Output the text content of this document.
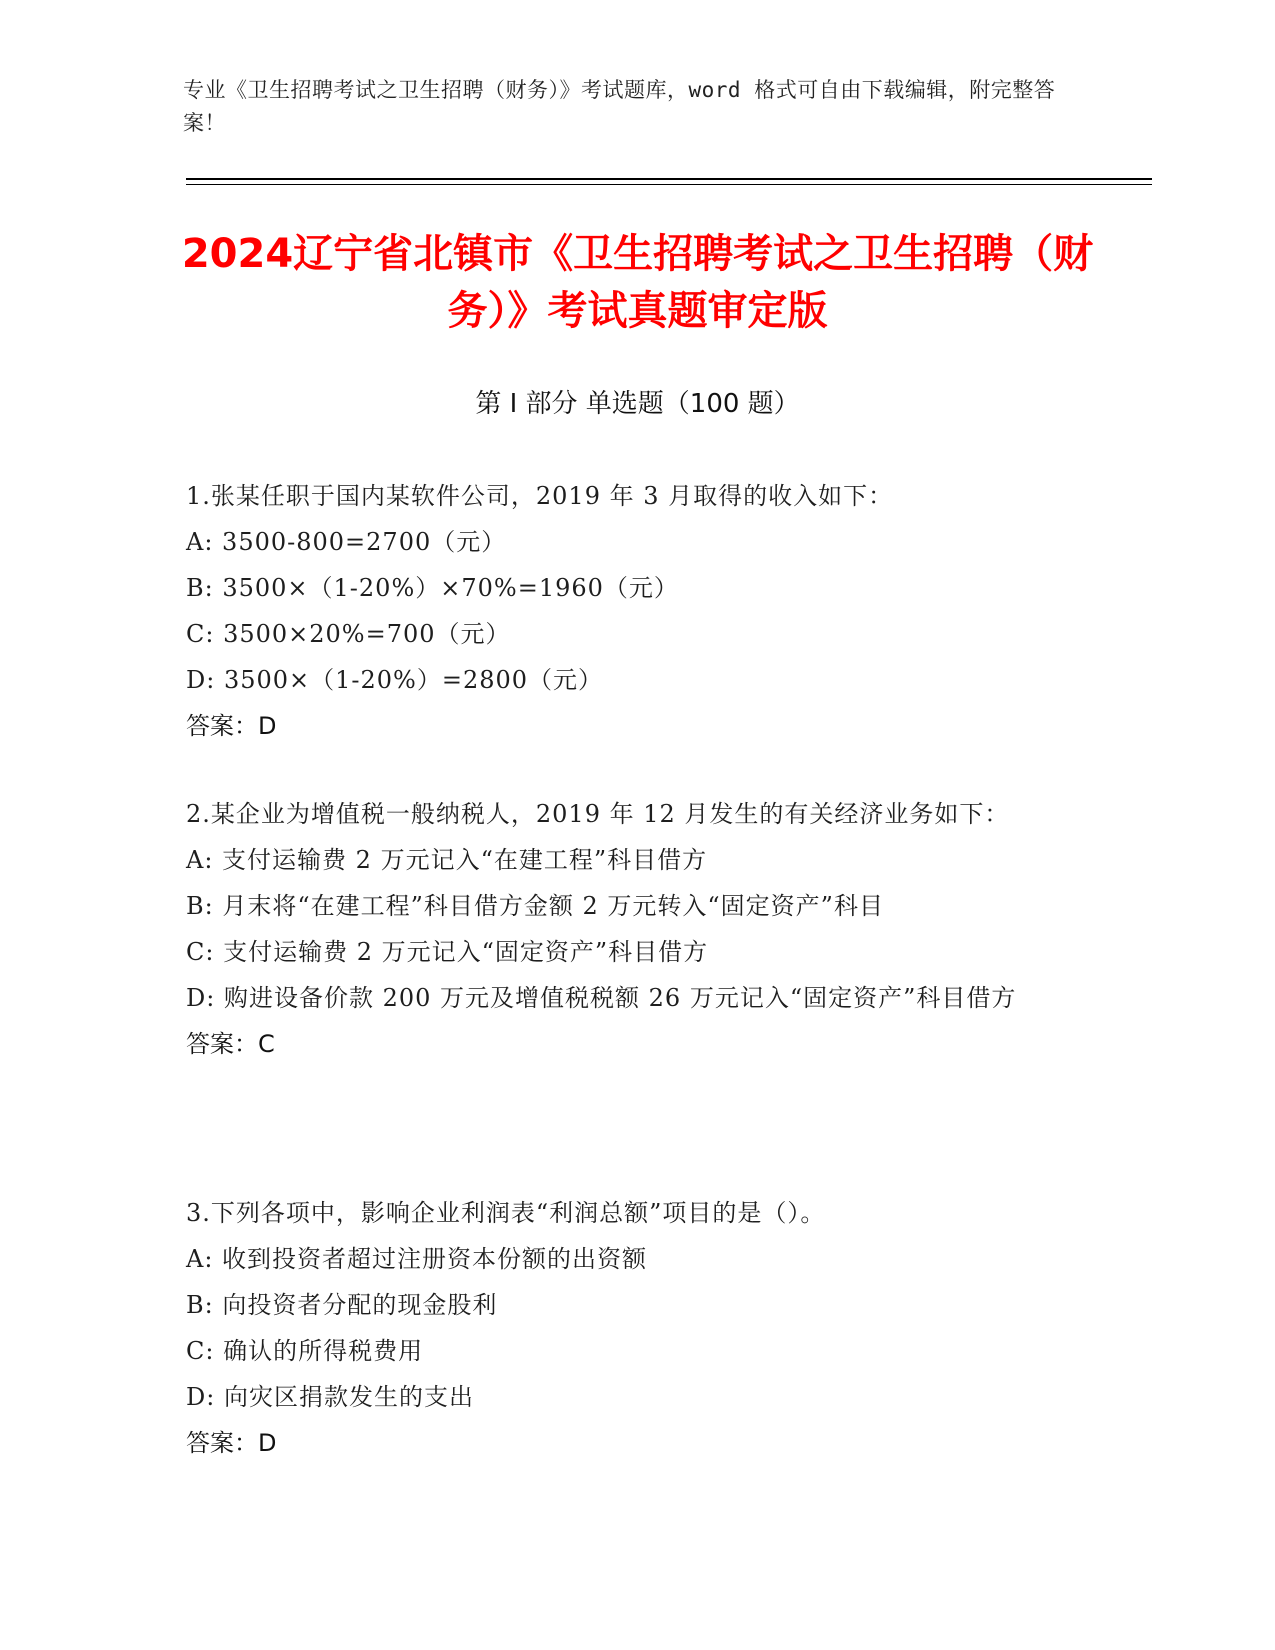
专业《卫生招聘考试之卫生招聘（财务）》考试题库，word 格式可自由下载编辑，附完整答案！
2024辽宁省北镇市《卫生招聘考试之卫生招聘（财务）》考试真题审定版
第 I 部分 单选题（100 题）
1.张某任职于国内某软件公司，2019 年 3 月取得的收入如下：
A: 3500-800=2700（元）
B: 3500×（1-20%）×70%=1960（元）
C: 3500×20%=700（元）
D: 3500×（1-20%）=2800（元）
答案：D
2.某企业为增值税一般纳税人，2019 年 12 月发生的有关经济业务如下：
A: 支付运输费 2 万元记入“在建工程”科目借方
B: 月末将“在建工程”科目借方金额 2 万元转入“固定资产”科目
C: 支付运输费 2 万元记入“固定资产”科目借方
D: 购进设备价款 200 万元及增值税税额 26 万元记入“固定资产”科目借方
答案：C
3.下列各项中，影响企业利润表“利润总额”项目的是（）。
A: 收到投资者超过注册资本份额的出资额
B: 向投资者分配的现金股利
C: 确认的所得税费用
D: 向灾区捐款发生的支出
答案：D
